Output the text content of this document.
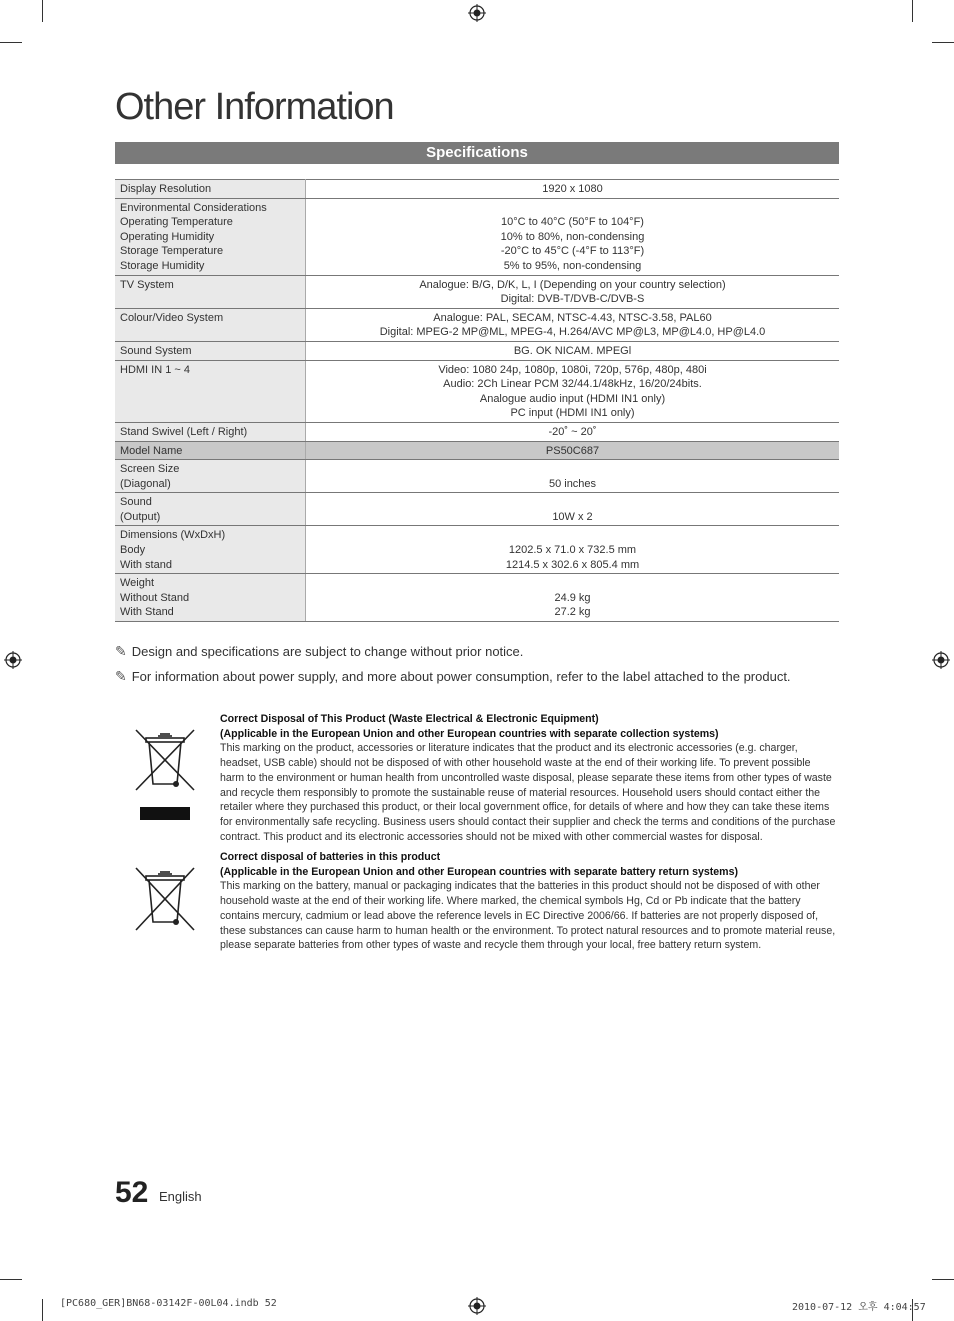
Other Information
Specifications
Display Resolution	1920 x 1080

Environmental Considerations
Operating Temperature
Operating Humidity
Storage Temperature
Storage Humidity	10°C to 40°C (50°F to 104°F)
10% to 80%, non-condensing
-20°C to 45°C (-4°F to 113°F)
5% to 95%, non-condensing

TV System	Analogue: B/G, D/K, L, I (Depending on your country selection)
Digital: DVB-T/DVB-C/DVB-S

Colour/Video System	Analogue: PAL, SECAM, NTSC-4.43, NTSC-3.58, PAL60
Digital: MPEG-2 MP@ML, MPEG-4, H.264/AVC MP@L3, MP@L4.0, HP@L4.0

Sound System	BG. OK NICAM. MPEGl

HDMI IN 1 ~ 4	Video: 1080 24p, 1080p, 1080i, 720p, 576p, 480p, 480i
Audio: 2Ch Linear PCM 32/44.1/48kHz, 16/20/24bits.
Analogue audio input (HDMI IN1 only)
PC input (HDMI IN1 only)

Stand Swivel (Left / Right)	-20˚ ~ 20˚

Model Name	PS50C687

Screen Size
(Diagonal)	50 inches

Sound
(Output)	10W x 2

Dimensions (WxDxH)
Body
With stand	1202.5 x 71.0 x 732.5 mm
1214.5 x 302.6 x 805.4 mm

Weight
Without Stand
With Stand	24.9 kg
27.2 kg
✎ Design and specifications are subject to change without prior notice.
✎ For information about power supply, and more about power consumption, refer to the label attached to the product.
Correct Disposal of This Product (Waste Electrical & Electronic Equipment)
(Applicable in the European Union and other European countries with separate collection systems)
This marking on the product, accessories or literature indicates that the product and its electronic accessories (e.g. charger, headset, USB cable) should not be disposed of with other household waste at the end of their working life. To prevent possible harm to the environment or human health from uncontrolled waste disposal, please separate these items from other types of waste and recycle them responsibly to promote the sustainable reuse of material resources. Household users should contact either the retailer where they purchased this product, or their local government office, for details of where and how they can take these items for environmentally safe recycling. Business users should contact their supplier and check the terms and conditions of the purchase contract. This product and its electronic accessories should not be mixed with other commercial wastes for disposal.
Correct disposal of batteries in this product
(Applicable in the European Union and other European countries with separate battery return systems)
This marking on the battery, manual or packaging indicates that the batteries in this product should not be disposed of with other household waste at the end of their working life. Where marked, the chemical symbols Hg, Cd or Pb indicate that the battery contains mercury, cadmium or lead above the reference levels in EC Directive 2006/66. If batteries are not properly disposed of, these substances can cause harm to human health or the environment. To protect natural resources and to promote material reuse, please separate batteries from other types of waste and recycle them through your local, free battery return system.
52 English
[PC680_GER]BN68-03142F-00L04.indb 52	2010-07-12 오후 4:04:57
